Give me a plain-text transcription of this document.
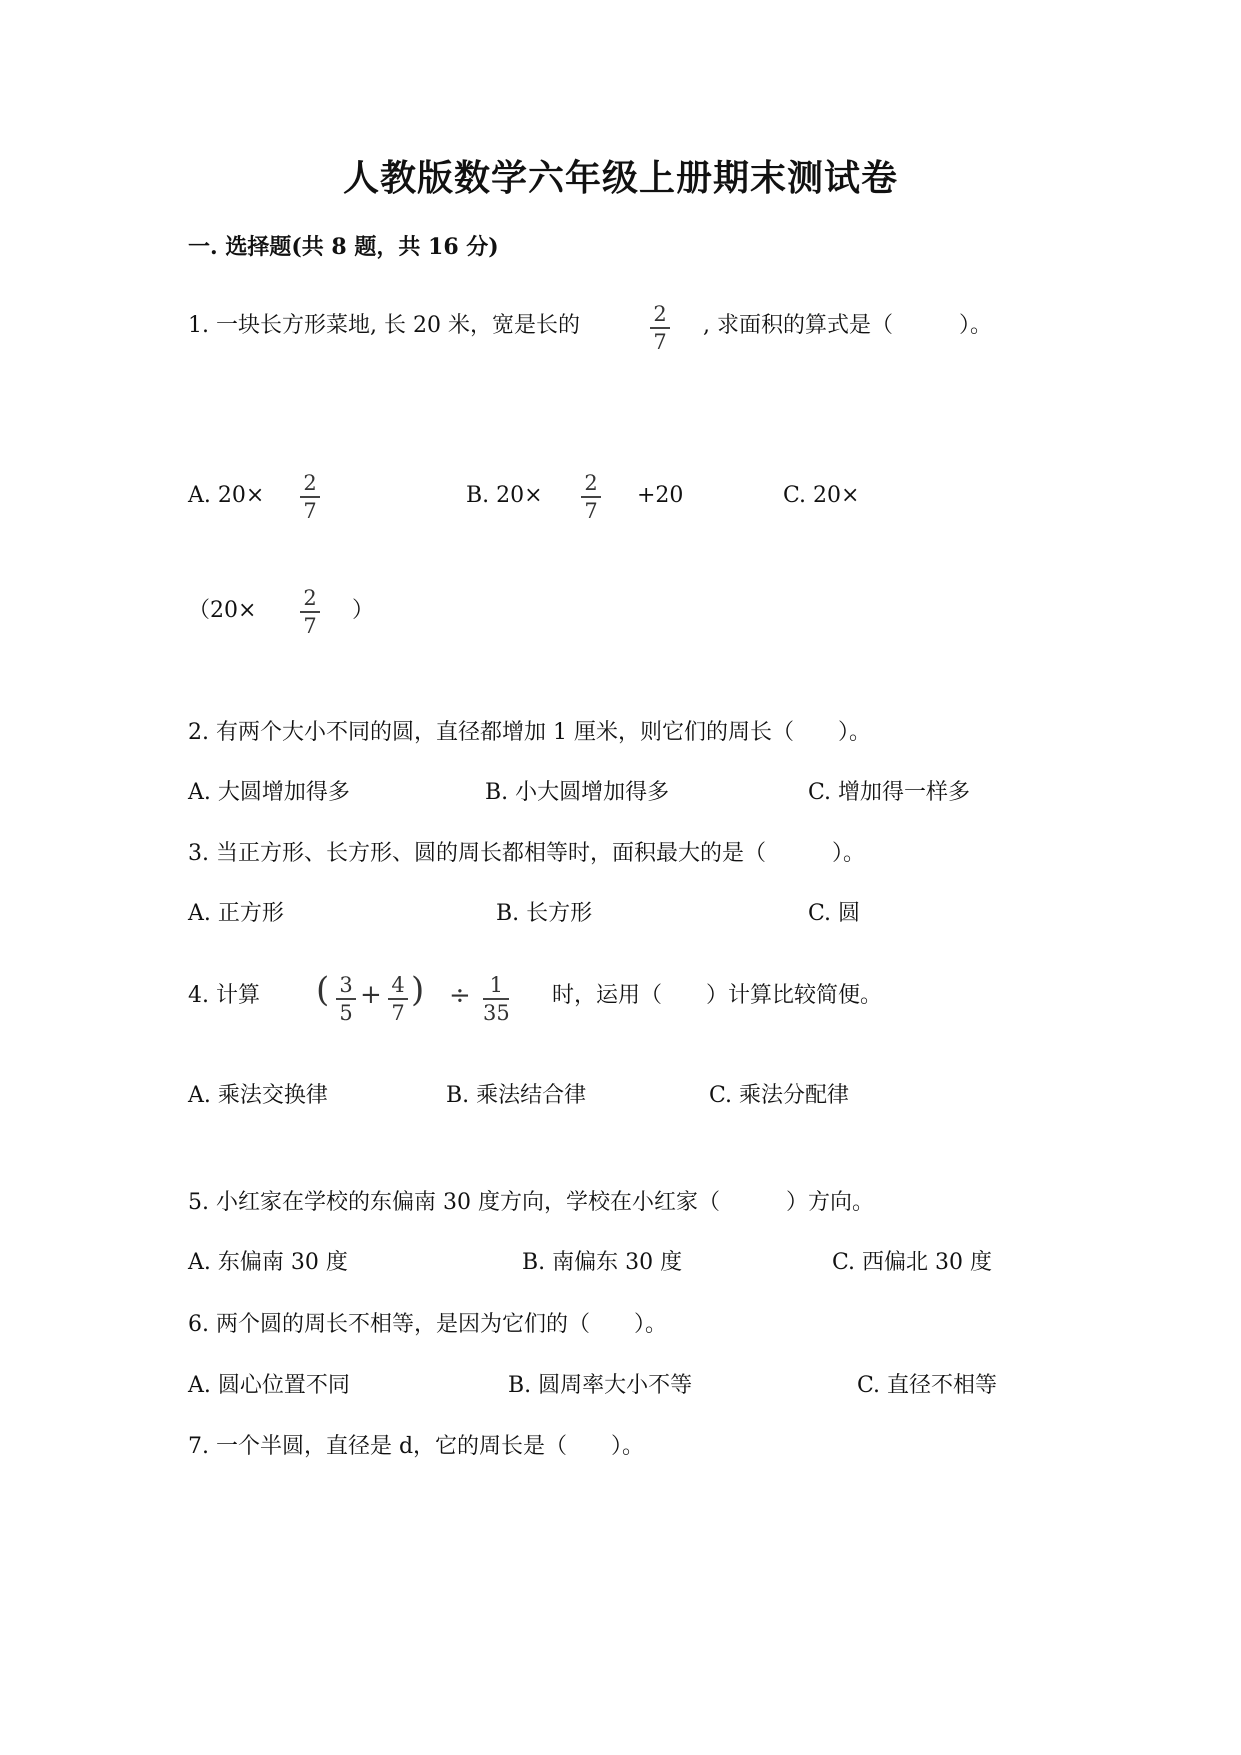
人教版数学六年级上册期末测试卷
一. 选择题(共 8 题，共 16 分)
1. 一块长方形菜地, 长 20 米，宽是长的	2
7
, 求面积的算式是（　　　）。
A. 20× 2
7
B. 20× 2
7
+20	C. 20×
（20× 2
7
）
2. 有两个大小不同的圆，直径都增加 1 厘米，则它们的周长（　　）。
A. 大圆增加得多	B. 小大圆增加得多	C. 增加得一样多
3. 当正方形、长方形、圆的周长都相等时，面积最大的是（　　　）。
A. 正方形	B. 长方形	C. 圆
4. 计算 ( 3
5
+ 4
7
) ÷ 1
35
时，运用（　　）计算比较简便。
A. 乘法交换律	B. 乘法结合律	C. 乘法分配律
5. 小红家在学校的东偏南 30 度方向，学校在小红家（　　　）方向。
A. 东偏南 30 度	B. 南偏东 30 度	C. 西偏北 30 度
6. 两个圆的周长不相等，是因为它们的（　　）。
A. 圆心位置不同	B. 圆周率大小不等	C. 直径不相等
7. 一个半圆，直径是 d，它的周长是（　　）。
